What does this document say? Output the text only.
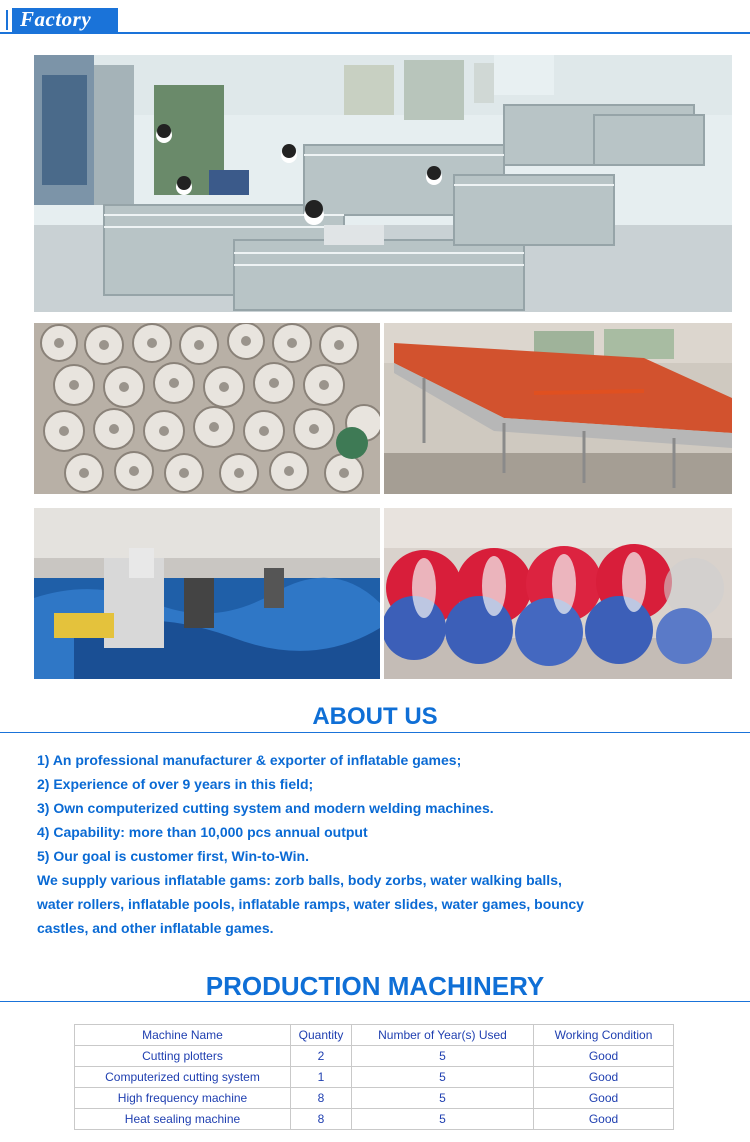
Factory
ABOUT US
1) An professional manufacturer & exporter of inflatable games;
2) Experience of over 9 years in this field;
3) Own computerized cutting system and modern welding machines.
4) Capability: more than 10,000 pcs annual output
5) Our goal is customer first, Win-to-Win.
We supply various inflatable gams: zorb balls, body zorbs, water walking balls,
water rollers, inflatable pools, inflatable ramps, water slides, water games, bouncy
castles, and other inflatable games.
PRODUCTION MACHINERY
Machine Name	Quantity	Number of Year(s) Used	Working Condition
Cutting plotters	2	5	Good
Computerized cutting system	1	5	Good
High frequency machine	8	5	Good
Heat sealing machine	8	5	Good
